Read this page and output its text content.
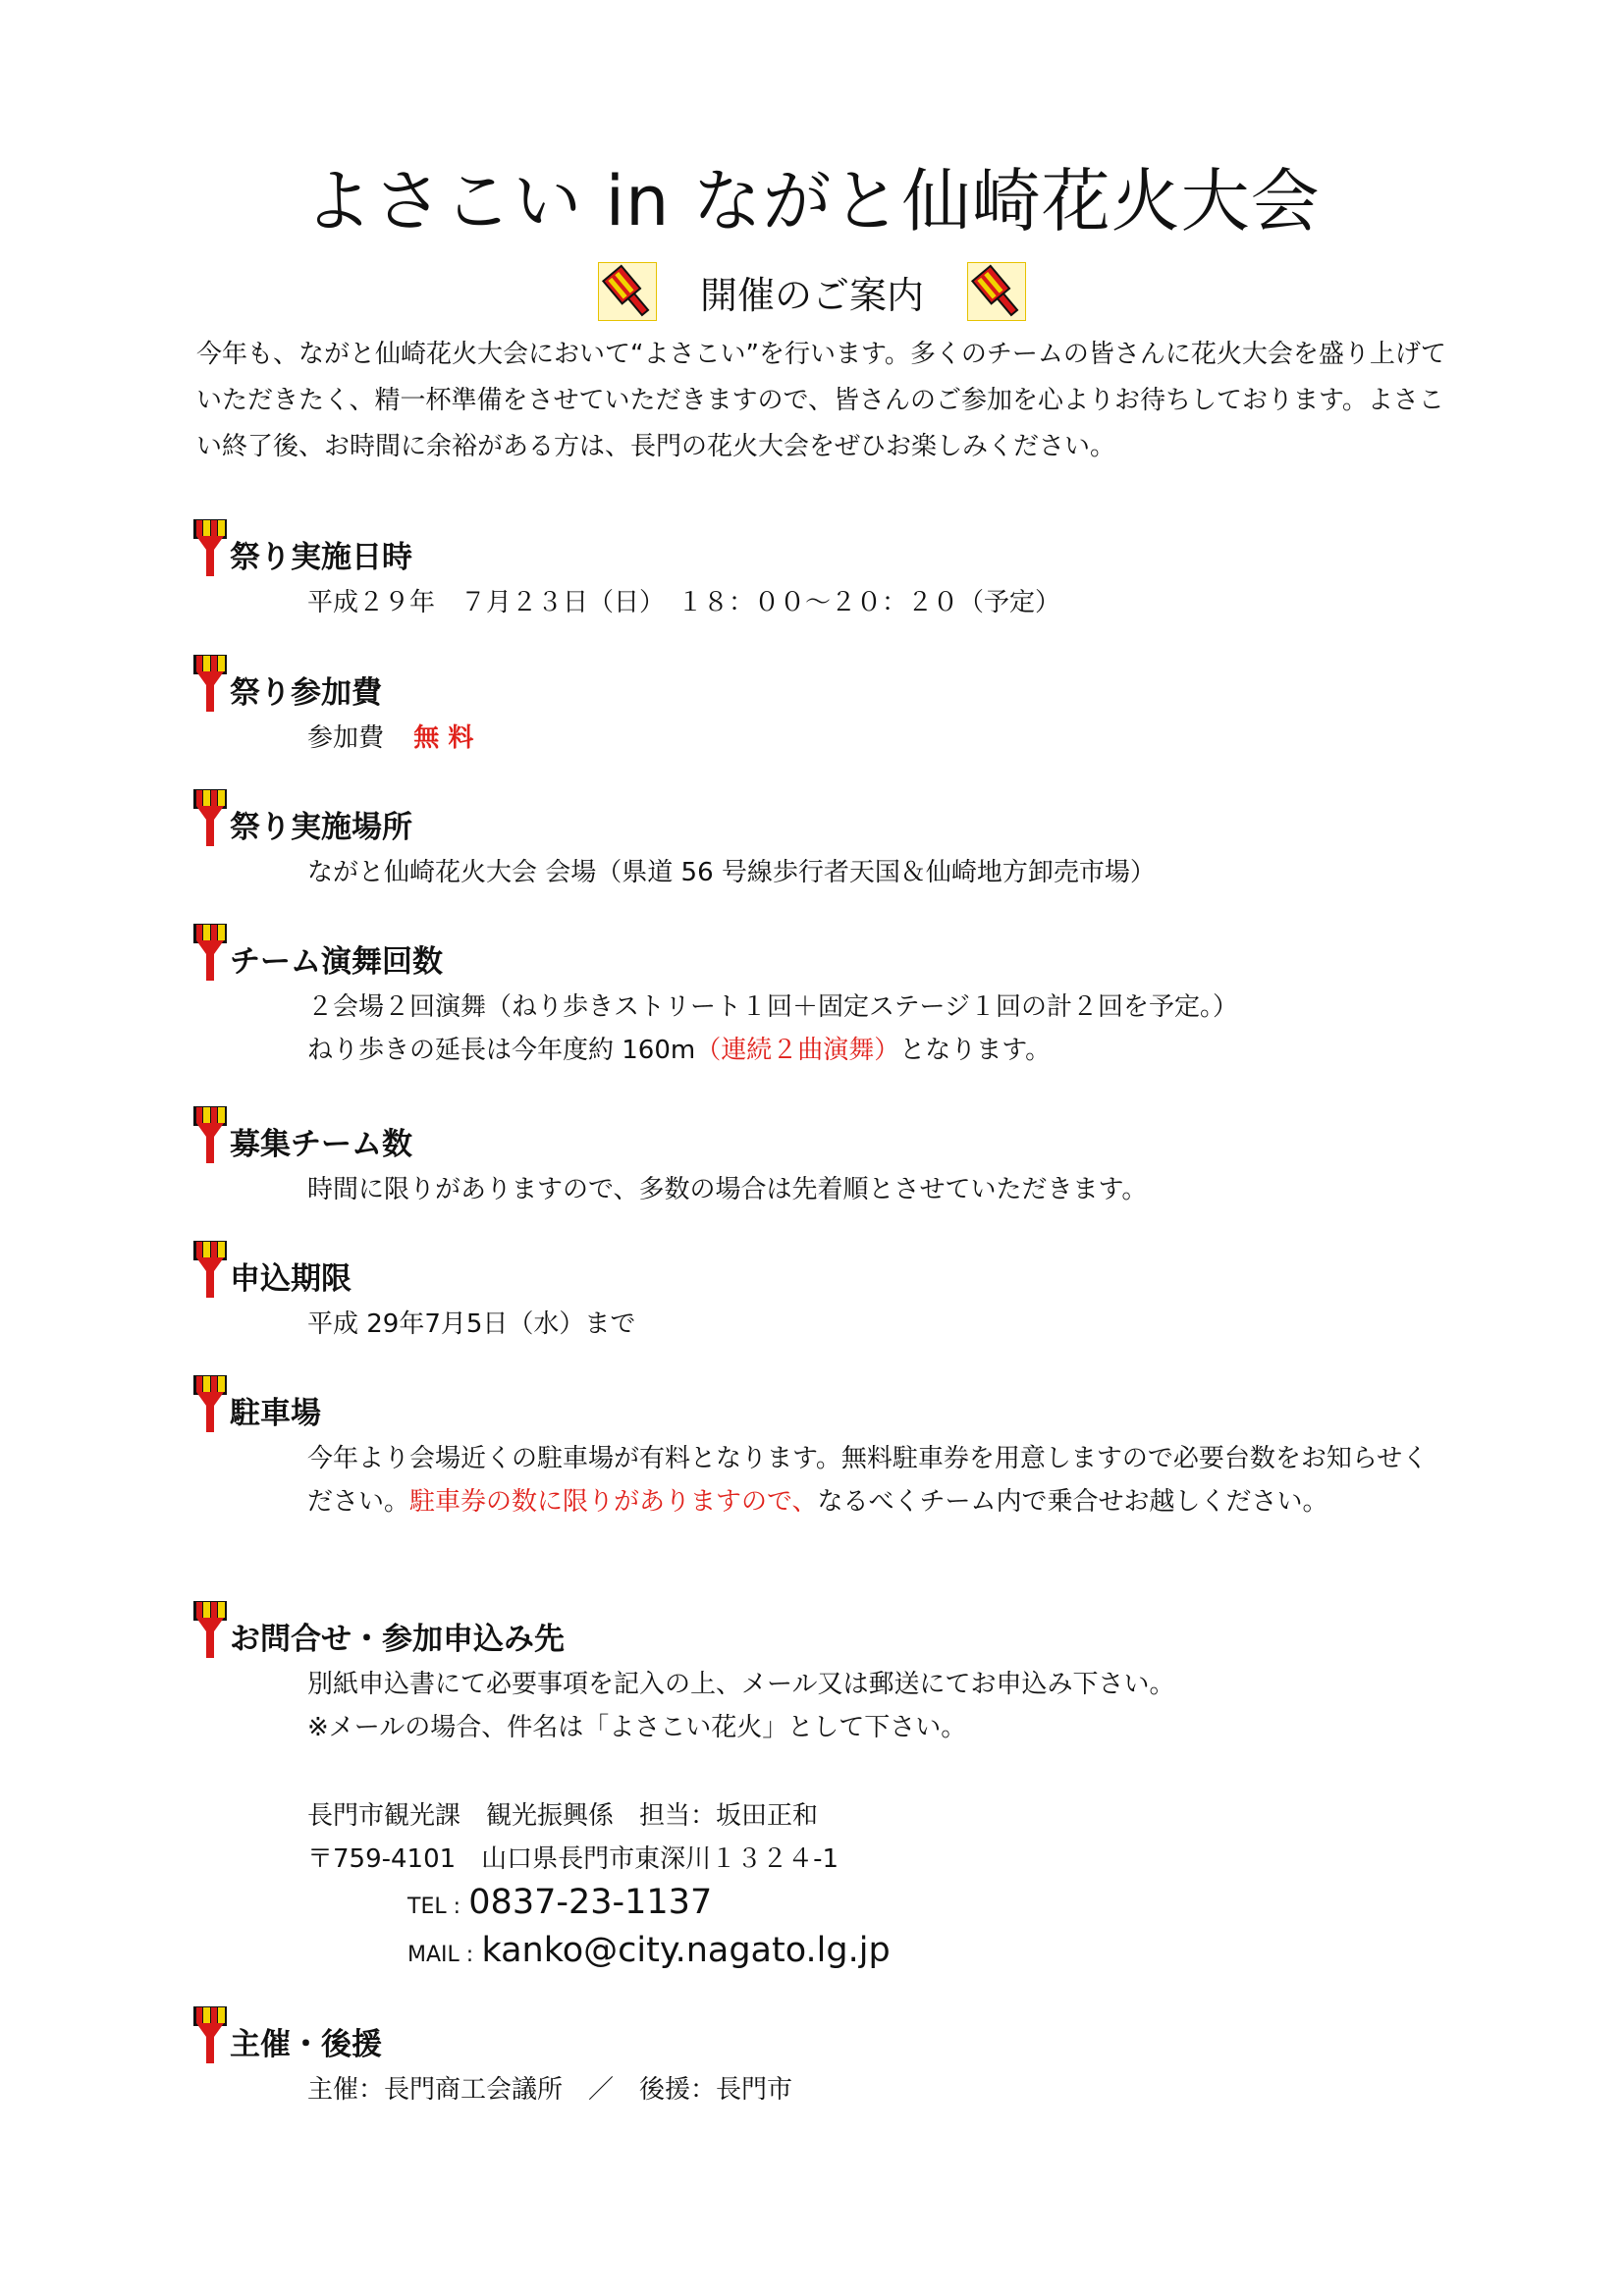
よさこい in ながと仙崎花火大会
開催のご案内

今年も、ながと仙崎花火大会において“よさこい”を行います。多くのチームの皆さんに花火大会を盛り上げていただきたく、精一杯準備をさせていただきますので、皆さんのご参加を心よりお待ちしております。よさこい終了後、お時間に余裕がある方は、長門の花火大会をぜひお楽しみください。

祭り実施日時
平成２９年　７月２３日（日）　１８：００～２０：２０（予定）
祭り参加費
参加費 無 料
祭り実施場所
ながと仙崎花火大会 会場（県道 56 号線歩行者天国＆仙崎地方卸売市場）
チーム演舞回数
２会場２回演舞（ねり歩きストリート１回＋固定ステージ１回の計２回を予定。）
ねり歩きの延長は今年度約 160m（連続２曲演舞）となります。
募集チーム数
時間に限りがありますので、多数の場合は先着順とさせていただきます。
申込期限
平成 29年7月5日（水）まで
駐車場
今年より会場近くの駐車場が有料となります。無料駐車券を用意しますので必要台数をお知らせください。駐車券の数に限りがありますので、なるべくチーム内で乗合せお越しください。
お問合せ・参加申込み先
別紙申込書にて必要事項を記入の上、メール又は郵送にてお申込み下さい。
※メールの場合、件名は「よさこい花火」として下さい。
長門市観光課　観光振興係　担当：坂田正和
〒759-4101　山口県長門市東深川１３２４-1
TEL : 0837-23-1137
MAIL : kanko@city.nagato.lg.jp
主催・後援
主催：長門商工会議所　／　後援：長門市
